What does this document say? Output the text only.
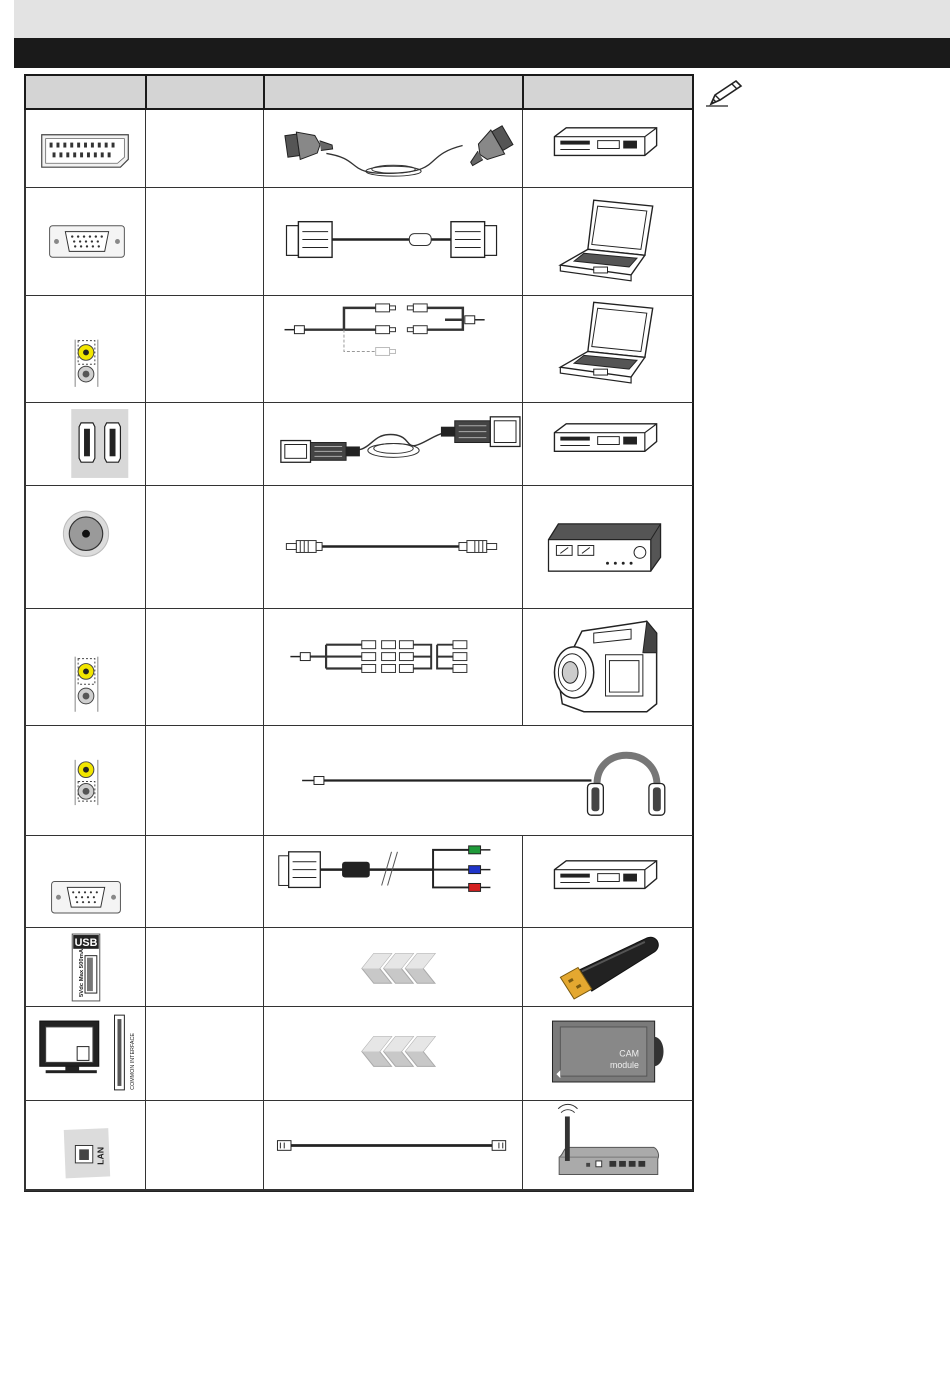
USB
5Vdc Max 500mA
COMMON INTERFACE	CAM
module
LAN
